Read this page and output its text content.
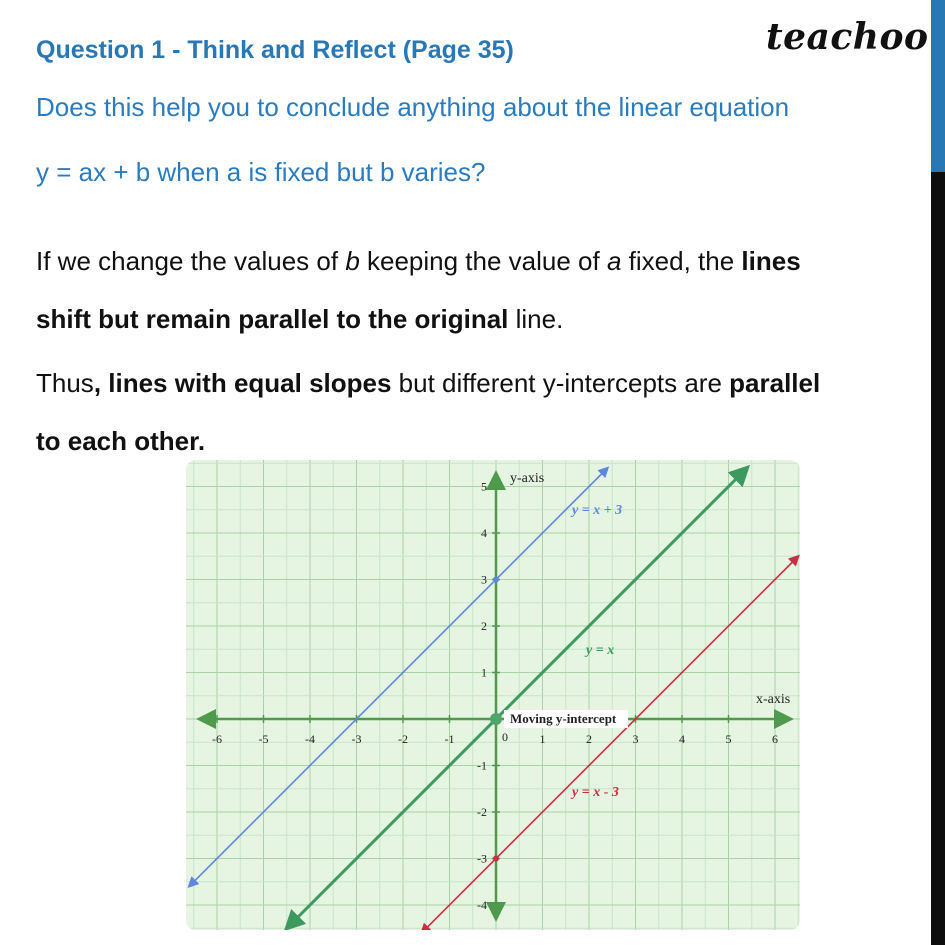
teachoo
Question 1 - Think and Reflect (Page 35)

Does this help you to conclude anything about the linear equation

y = ax + b when a is fixed but b varies?

If we change the values of b keeping the value of a fixed, the lines

shift but remain parallel to the original line.

Thus, lines with equal slopes but different y-intercepts are parallel

to each other.

-6	-5	-4	-3	-2	-1	1	2	3	4	5	6
-4
-3
-2
-1
1
2
3
4
5
x-axis
y-axis
y = x + 3
y = x
y = x - 3
Moving y-intercept
0
